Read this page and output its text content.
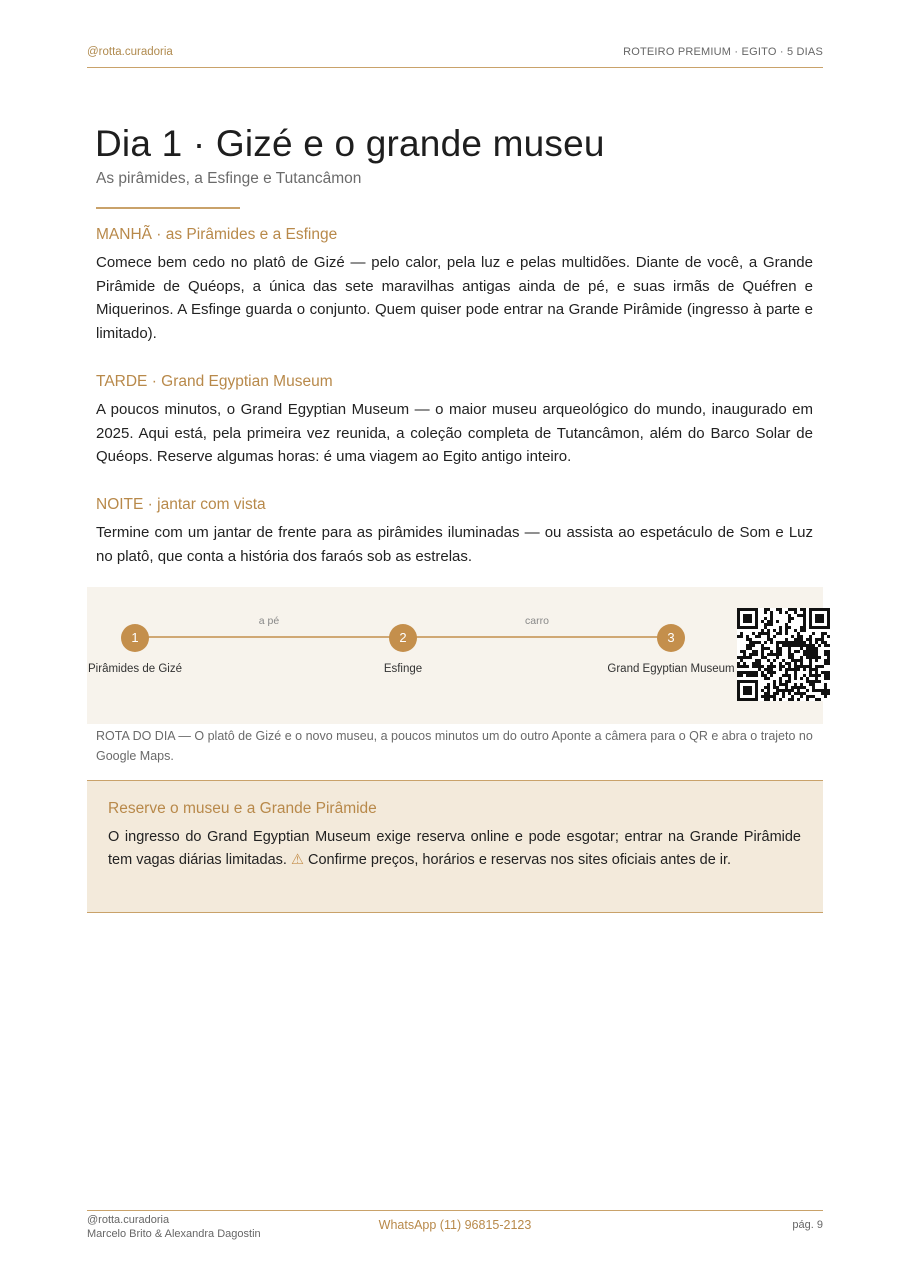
@rotta.curadoria	ROTEIRO PREMIUM · EGITO · 5 DIAS
Dia 1 · Gizé e o grande museu
As pirâmides, a Esfinge e Tutancâmon
MANHÃ · as Pirâmides e a Esfinge

Comece bem cedo no platô de Gizé — pelo calor, pela luz e pelas multidões. Diante de você, a Grande Pirâmide de Quéops, a única das sete maravilhas antigas ainda de pé, e suas irmãs de Quéfren e Miquerinos. A Esfinge guarda o conjunto. Quem quiser pode entrar na Grande Pirâmide (ingresso à parte e limitado).

TARDE · Grand Egyptian Museum

A poucos minutos, o Grand Egyptian Museum — o maior museu arqueológico do mundo, inaugurado em 2025. Aqui está, pela primeira vez reunida, a coleção completa de Tutancâmon, além do Barco Solar de Quéops. Reserve algumas horas: é uma viagem ao Egito antigo inteiro.

NOITE · jantar com vista

Termine com um jantar de frente para as pirâmides iluminadas — ou assista ao espetáculo de Som e Luz no platô, que conta a história dos faraós sob as estrelas.

a pé	carro
1	2	3
Pirâmides de Gizé	Esfinge	Grand Egyptian Museum
ROTA DO DIA — O platô de Gizé e o novo museu, a poucos minutos um do outro Aponte a câmera para o QR e abra o trajeto no Google Maps.
Reserve o museu e a Grande Pirâmide

O ingresso do Grand Egyptian Museum exige reserva online e pode esgotar; entrar na Grande Pirâmide tem vagas diárias limitadas. ⚠ Confirme preços, horários e reservas nos sites oficiais antes de ir.

@rotta.curadoria
Marcelo Brito & Alexandra Dagostin
WhatsApp (11) 96815-2123	pág. 9
